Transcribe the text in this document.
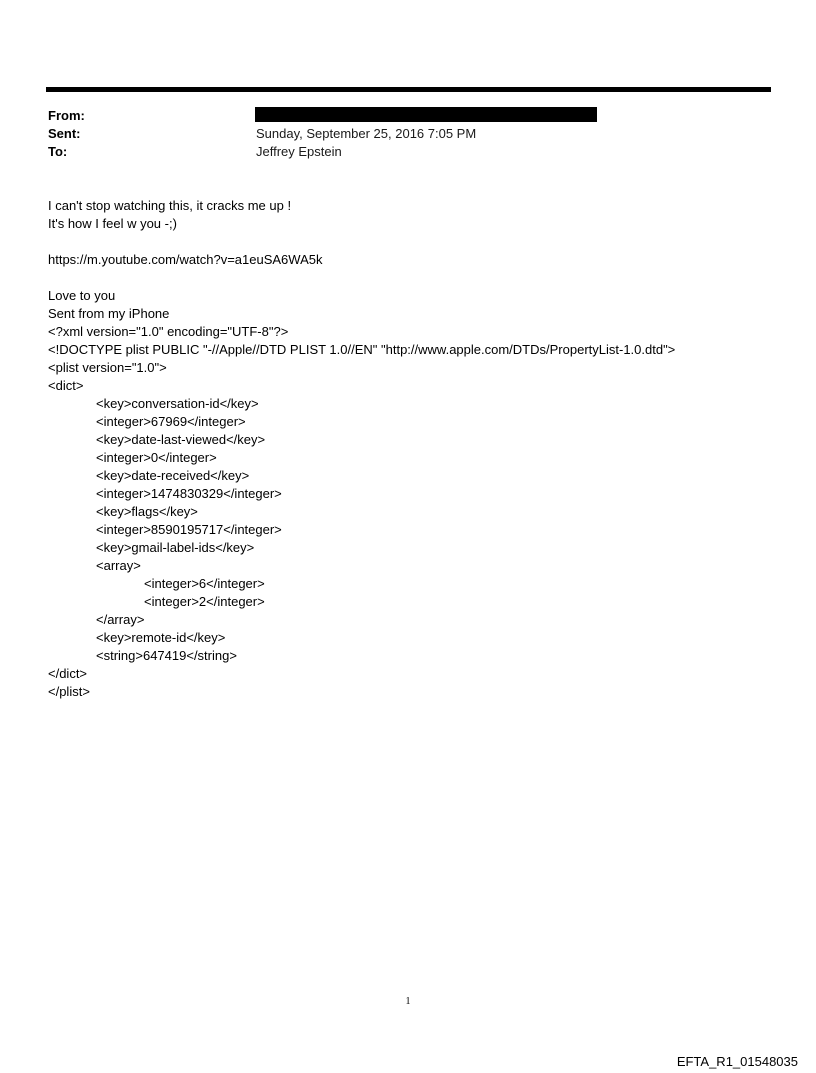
From:
Sent:	Sunday, September 25, 2016 7:05 PM
To:	Jeffrey Epstein
I can't stop watching this, it cracks me up !
It's how I feel w you -;)
https://m.youtube.com/watch?v=a1euSA6WA5k
Love to you
Sent from my iPhone
<?xml version="1.0" encoding="UTF-8"?>
<!DOCTYPE plist PUBLIC "-//Apple//DTD PLIST 1.0//EN" "http://www.apple.com/DTDs/PropertyList-1.0.dtd">
<plist version="1.0">
<dict>
<key>conversation-id</key>
<integer>67969</integer>
<key>date-last-viewed</key>
<integer>0</integer>
<key>date-received</key>
<integer>1474830329</integer>
<key>flags</key>
<integer>8590195717</integer>
<key>gmail-label-ids</key>
<array>
<integer>6</integer>
<integer>2</integer>
</array>
<key>remote-id</key>
<string>647419</string>
</dict>
</plist>
1
EFTA_R1_01548035
